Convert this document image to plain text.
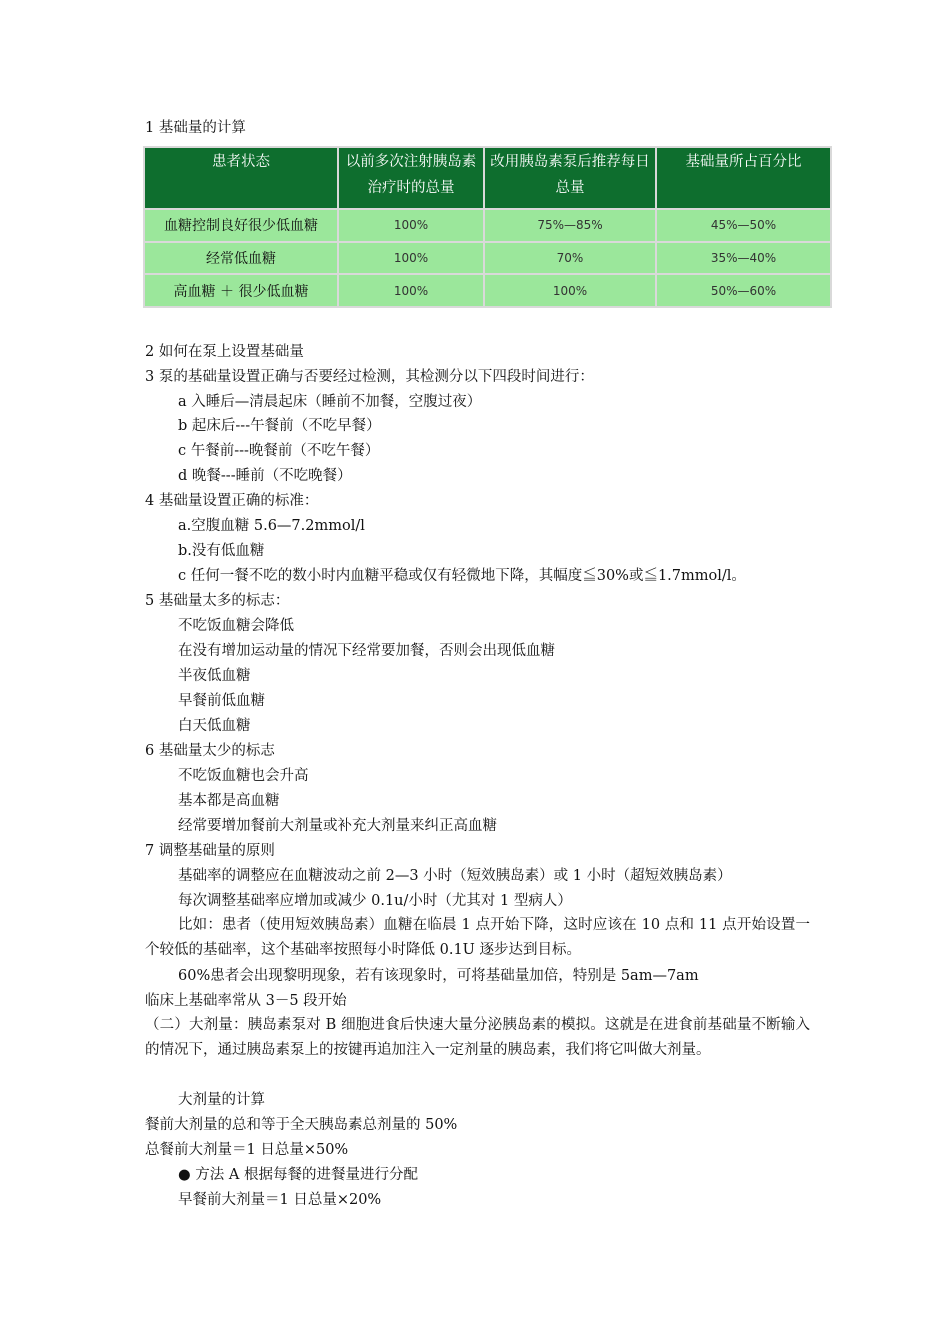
1 基础量的计算
患者状态	以前多次注射胰岛素治疗时的总量	改用胰岛素泵后推荐每日总量	基础量所占百分比
血糖控制良好很少低血糖	100%	75%—85%	45%—50%
经常低血糖	100%	70%	35%—40%
高血糖 ＋ 很少低血糖	100%	100%	50%—60%
2 如何在泵上设置基础量
3 泵的基础量设置正确与否要经过检测，其检测分以下四段时间进行：
a 入睡后—清晨起床（睡前不加餐，空腹过夜）
b 起床后---午餐前（不吃早餐）
c 午餐前---晚餐前（不吃午餐）
d 晚餐---睡前（不吃晚餐）
4 基础量设置正确的标准：
a.空腹血糖 5.6—7.2mmol/l
b.没有低血糖
c 任何一餐不吃的数小时内血糖平稳或仅有轻微地下降，其幅度≦30%或≦1.7mmol/l。
5 基础量太多的标志：
不吃饭血糖会降低
在没有增加运动量的情况下经常要加餐，否则会出现低血糖
半夜低血糖
早餐前低血糖
白天低血糖
6 基础量太少的标志
不吃饭血糖也会升高
基本都是高血糖
经常要增加餐前大剂量或补充大剂量来纠正高血糖
7 调整基础量的原则
基础率的调整应在血糖波动之前 2—3 小时（短效胰岛素）或 1 小时（超短效胰岛素）
每次调整基础率应增加或减少 0.1u/小时（尤其对 1 型病人）
比如：患者（使用短效胰岛素）血糖在临晨 1 点开始下降，这时应该在 10 点和 11 点开始设置一个较低的基础率，这个基础率按照每小时降低 0.1U 逐步达到目标。
60%患者会出现黎明现象，若有该现象时，可将基础量加倍，特别是 5am—7am
临床上基础率常从 3－5 段开始
（二）大剂量：胰岛素泵对 B 细胞进食后快速大量分泌胰岛素的模拟。这就是在进食前基础量不断输入的情况下，通过胰岛素泵上的按键再追加注入一定剂量的胰岛素，我们将它叫做大剂量。
大剂量的计算
餐前大剂量的总和等于全天胰岛素总剂量的 50%
总餐前大剂量＝1 日总量×50%
● 方法 A 根据每餐的进餐量进行分配
早餐前大剂量＝1 日总量×20%
